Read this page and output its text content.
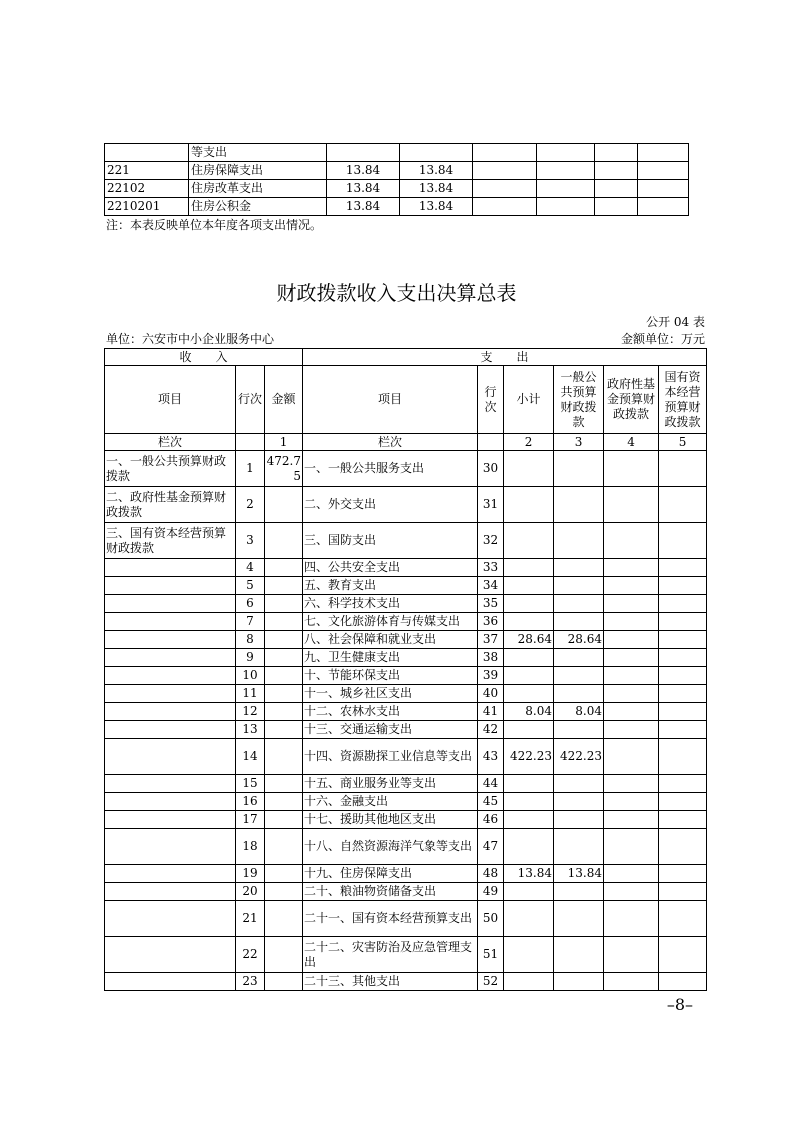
	等支出						
221	住房保障支出	13.84	13.84				
22102	住房改革支出	13.84	13.84				
2210201	住房公积金	13.84	13.84				
注：本表反映单位本年度各项支出情况。
财政拨款收入支出决算总表
公开 04 表
单位：六安市中小企业服务中心	金额单位：万元
收　　入			支　　出					
项目	行次	金额	项目	行次	小计	一般公共预算财政拨款	政府性基金预算财政拨款	国有资本经营预算财政拨款
栏次		1	栏次		2	3	4	5
一、一般公共预算财政拨款	1	472.75	一、一般公共服务支出	30				
二、政府性基金预算财政拨款	2		二、外交支出	31				
三、国有资本经营预算财政拨款	3		三、国防支出	32				
	4		四、公共安全支出	33				
	5		五、教育支出	34				
	6		六、科学技术支出	35				
	7		七、文化旅游体育与传媒支出	36				
	8		八、社会保障和就业支出	37	28.64	28.64		
	9		九、卫生健康支出	38				
	10		十、节能环保支出	39				
	11		十一、城乡社区支出	40				
	12		十二、农林水支出	41	8.04	8.04		
	13		十三、交通运输支出	42				
	14		十四、资源勘探工业信息等支出	43	422.23	422.23		
	15		十五、商业服务业等支出	44				
	16		十六、金融支出	45				
	17		十七、援助其他地区支出	46				
	18		十八、自然资源海洋气象等支出	47				
	19		十九、住房保障支出	48	13.84	13.84		
	20		二十、粮油物资储备支出	49				
	21		二十一、国有资本经营预算支出	50				
	22		二十二、灾害防治及应急管理支出	51				
	23		二十三、其他支出	52				
–8–
